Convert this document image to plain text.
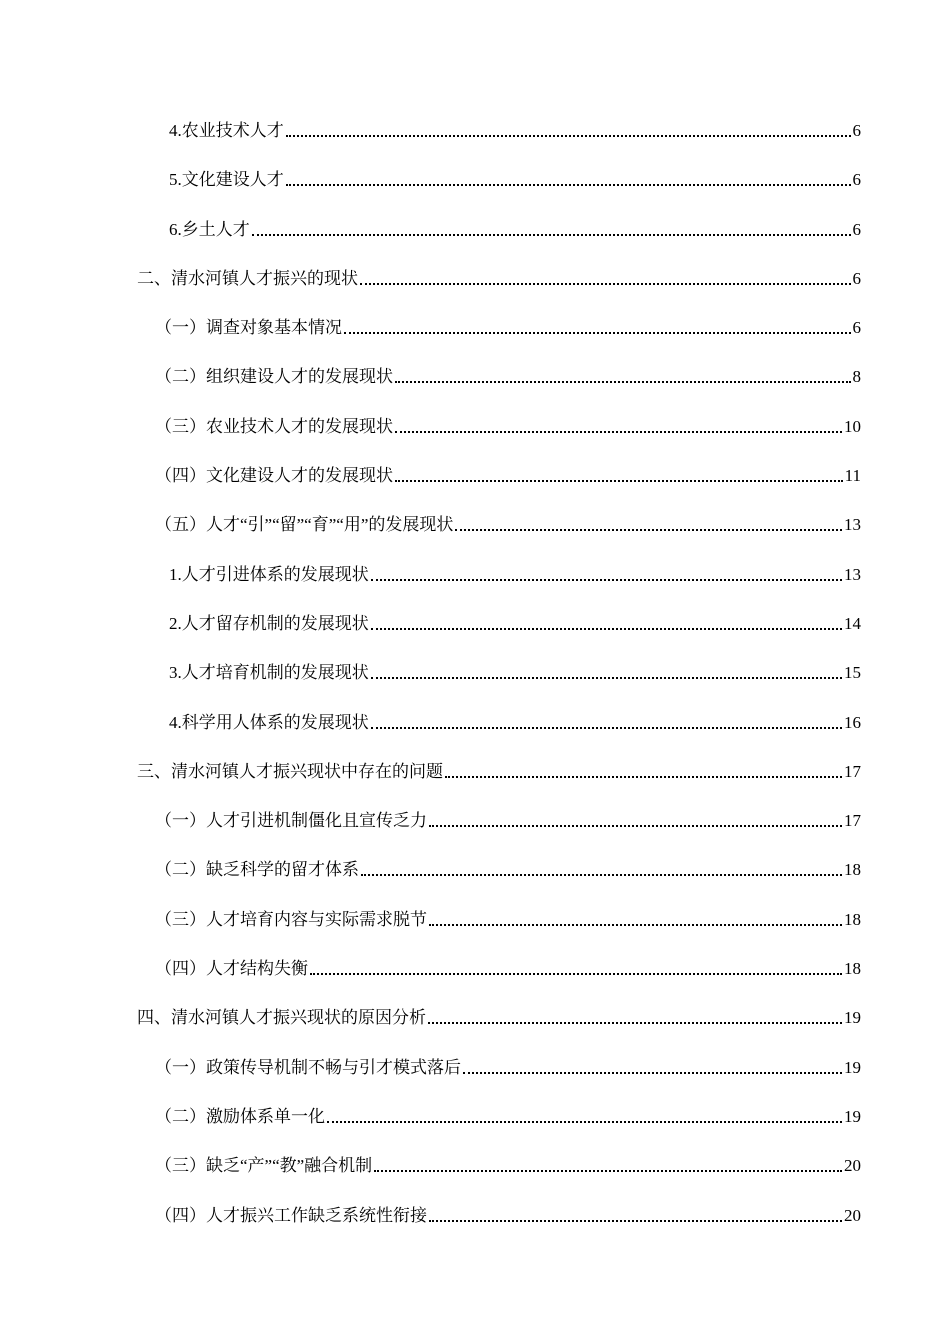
4.农业技术人才	6
5.文化建设人才	6
6.乡土人才	6
二、清水河镇人才振兴的现状	6
（一）调查对象基本情况	6
（二）组织建设人才的发展现状	8
（三）农业技术人才的发展现状	10
（四）文化建设人才的发展现状	11
（五）人才“引”“留”“育”“用”的发展现状	13
1.人才引进体系的发展现状	13
2.人才留存机制的发展现状	14
3.人才培育机制的发展现状	15
4.科学用人体系的发展现状	16
三、清水河镇人才振兴现状中存在的问题	17
（一）人才引进机制僵化且宣传乏力	17
（二）缺乏科学的留才体系	18
（三）人才培育内容与实际需求脱节	18
（四）人才结构失衡	18
四、清水河镇人才振兴现状的原因分析	19
（一）政策传导机制不畅与引才模式落后	19
（二）激励体系单一化	19
（三）缺乏“产”“教”融合机制	20
（四）人才振兴工作缺乏系统性衔接	20
